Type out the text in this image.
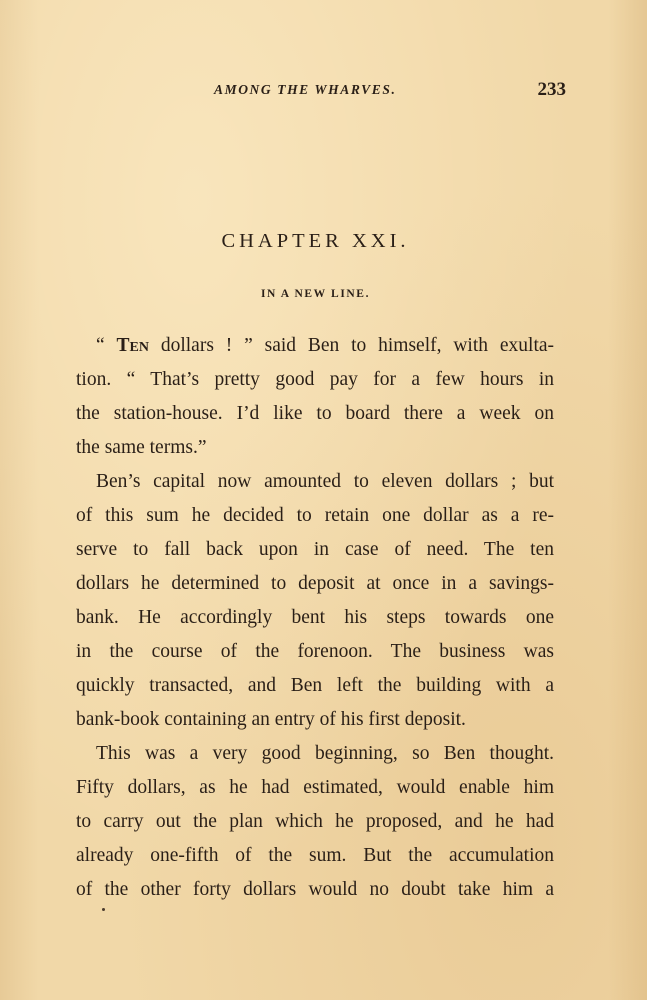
AMONG THE WHARVES.	233
CHAPTER XXI.
IN A NEW LINE.
“ Ten dollars ! ” said Ben to himself, with exulta-
tion. “ That’s pretty good pay for a few hours in
the station-house. I’d like to board there a week on
the same terms.”
Ben’s capital now amounted to eleven dollars ; but
of this sum he decided to retain one dollar as a re-
serve to fall back upon in case of need. The ten
dollars he determined to deposit at once in a savings-
bank. He accordingly bent his steps towards one
in the course of the forenoon. The business was
quickly transacted, and Ben left the building with a
bank-book containing an entry of his first deposit.
This was a very good beginning, so Ben thought.
Fifty dollars, as he had estimated, would enable him
to carry out the plan which he proposed, and he had
already one-fifth of the sum. But the accumulation
of the other forty dollars would no doubt take him a
